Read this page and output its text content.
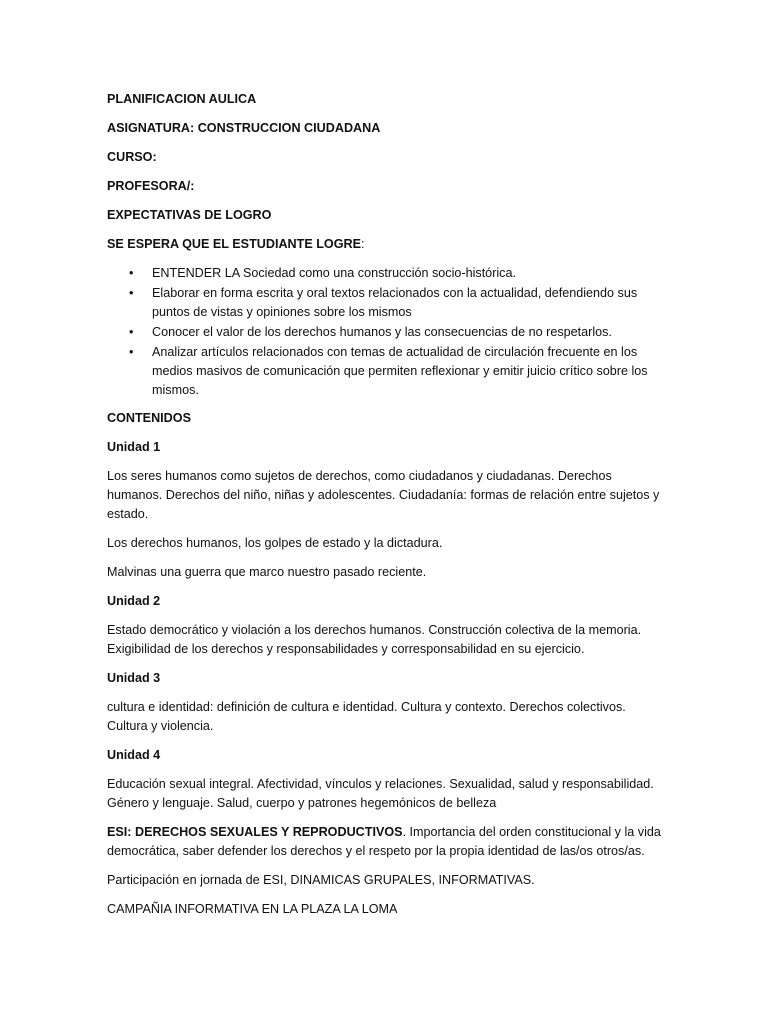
PLANIFICACION AULICA

ASIGNATURA: CONSTRUCCION CIUDADANA

CURSO:

PROFESORA/:

EXPECTATIVAS DE LOGRO

SE ESPERA QUE EL ESTUDIANTE LOGRE:

• ENTENDER LA Sociedad como una construcción socio-histórica.
• Elaborar en forma escrita y oral textos relacionados con la actualidad, defendiendo sus puntos de vistas y opiniones sobre los mismos
• Conocer el valor de los derechos humanos y las consecuencias de no respetarlos.
• Analizar artículos relacionados con temas de actualidad de circulación frecuente en los medios masivos de comunicación que permiten reflexionar y emitir juicio crítico sobre los mismos.

CONTENIDOS

Unidad 1

Los seres humanos como sujetos de derechos, como ciudadanos y ciudadanas. Derechos humanos. Derechos del niño, niñas y adolescentes. Ciudadanía: formas de relación entre sujetos y estado.

Los derechos humanos, los golpes de estado y la dictadura.

Malvinas una guerra que marco nuestro pasado reciente.

Unidad 2

Estado democrático y violación a los derechos humanos. Construcción colectiva de la memoria. Exigibilidad de los derechos y responsabilidades y corresponsabilidad en su ejercicio.

Unidad 3

cultura e identidad: definición de cultura e identidad. Cultura y contexto. Derechos colectivos. Cultura y violencia.

Unidad 4

Educación sexual integral. Afectividad, vínculos y relaciones. Sexualidad, salud y responsabilidad. Género y lenguaje. Salud, cuerpo y patrones hegemónicos de belleza

ESI: DERECHOS SEXUALES Y REPRODUCTIVOS. Importancia del orden constitucional y la vida democrática, saber defender los derechos y el respeto por la propia identidad de las/os otros/as.

Participación en jornada de ESI, DINAMICAS GRUPALES, INFORMATIVAS.

CAMPAÑIA INFORMATIVA EN LA PLAZA LA LOMA
